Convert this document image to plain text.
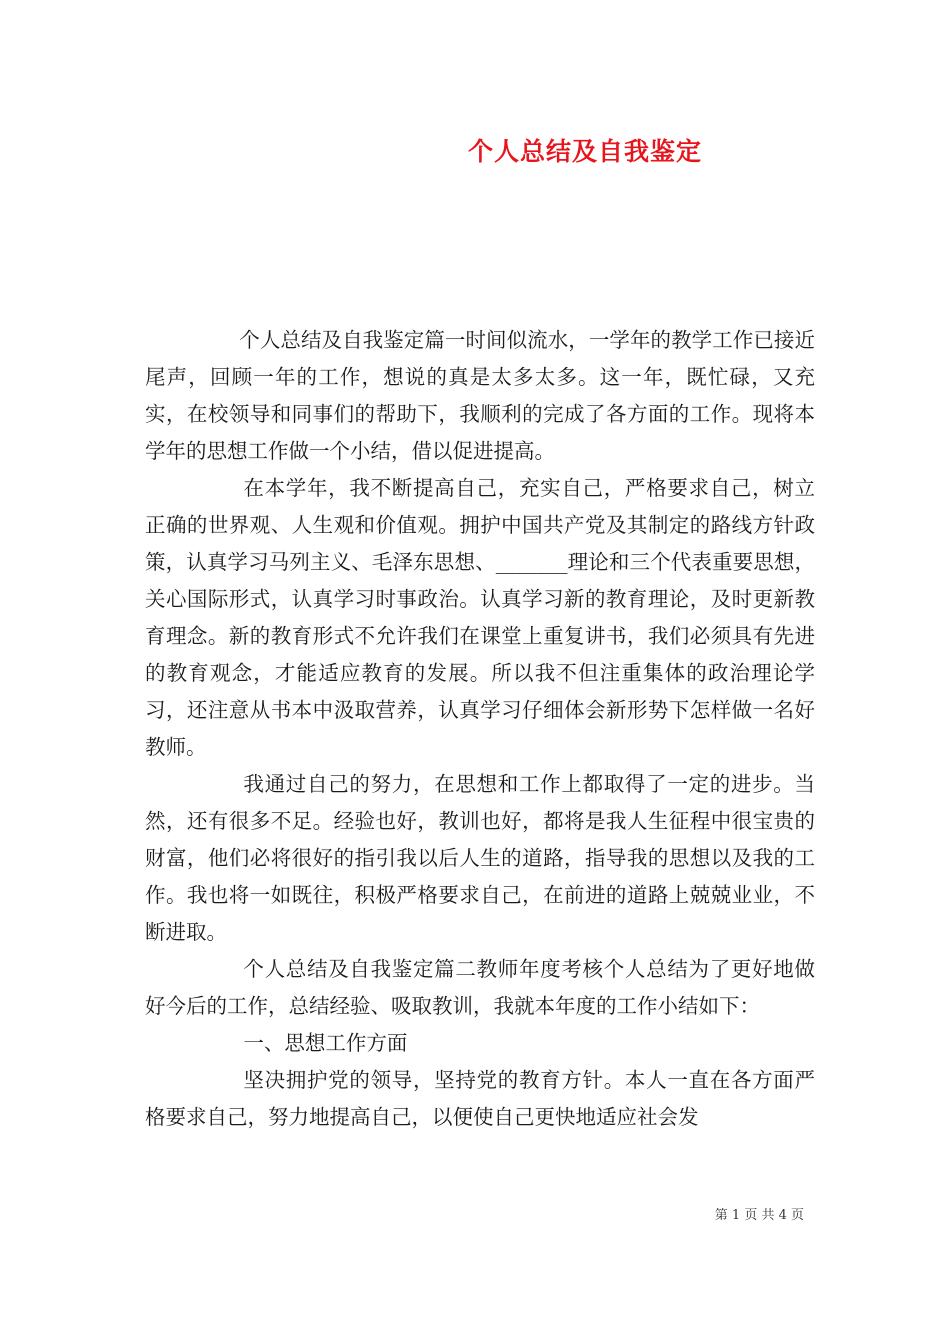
个人总结及自我鉴定

个人总结及自我鉴定篇一时间似流水，一学年的教学工作已接近尾声，回顾一年的工作，想说的真是太多太多。这一年，既忙碌，又充实，在校领导和同事们的帮助下，我顺利的完成了各方面的工作。现将本学年的思想工作做一个小结，借以促进提高。

在本学年，我不断提高自己，充实自己，严格要求自己，树立正确的世界观、人生观和价值观。拥护中国共产党及其制定的路线方针政策，认真学习马列主义、毛泽东思想、_______理论和三个代表重要思想，关心国际形式，认真学习时事政治。认真学习新的教育理论，及时更新教育理念。新的教育形式不允许我们在课堂上重复讲书，我们必须具有先进的教育观念，才能适应教育的发展。所以我不但注重集体的政治理论学习，还注意从书本中汲取营养，认真学习仔细体会新形势下怎样做一名好教师。

我通过自己的努力，在思想和工作上都取得了一定的进步。当然，还有很多不足。经验也好，教训也好，都将是我人生征程中很宝贵的财富，他们必将很好的指引我以后人生的道路，指导我的思想以及我的工作。我也将一如既往，积极严格要求自己，在前进的道路上兢兢业业，不断进取。

个人总结及自我鉴定篇二教师年度考核个人总结为了更好地做好今后的工作，总结经验、吸取教训，我就本年度的工作小结如下：

一、思想工作方面

坚决拥护党的领导，坚持党的教育方针。本人一直在各方面严格要求自己，努力地提高自己，以便使自己更快地适应社会发

第 1 页 共 4 页
